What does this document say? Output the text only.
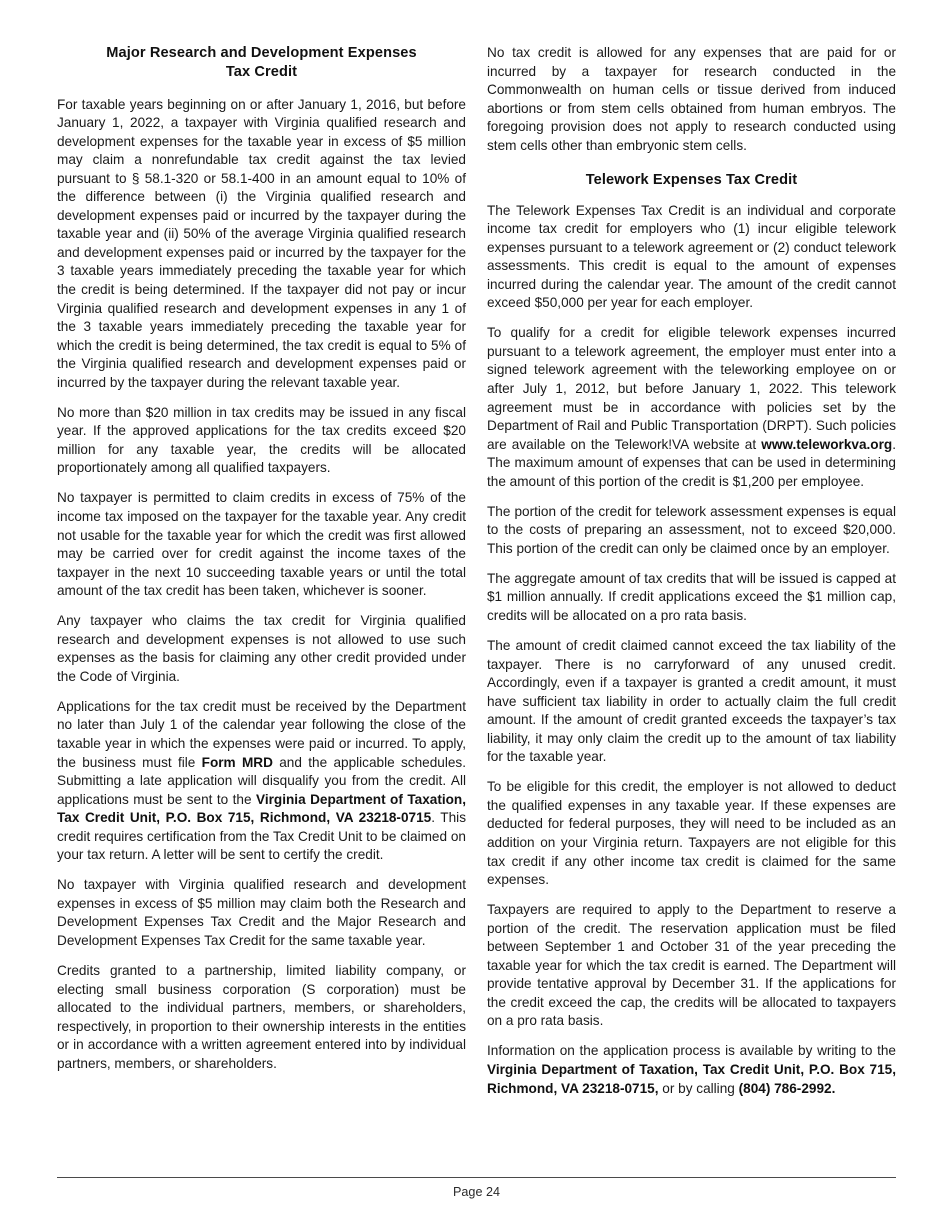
Major Research and Development Expenses
Tax Credit

For taxable years beginning on or after January 1, 2016, but before January 1, 2022, a taxpayer with Virginia qualified research and development expenses for the taxable year in excess of $5 million may claim a nonrefundable tax credit against the tax levied pursuant to § 58.1-320 or 58.1-400 in an amount equal to 10% of the difference between (i) the Virginia qualified research and development expenses paid or incurred by the taxpayer during the taxable year and (ii) 50% of the average Virginia qualified research and development expenses paid or incurred by the taxpayer for the 3 taxable years immediately preceding the taxable year for which the credit is being determined. If the taxpayer did not pay or incur Virginia qualified research and development expenses in any 1 of the 3 taxable years immediately preceding the taxable year for which the credit is being determined, the tax credit is equal to 5% of the Virginia qualified research and development expenses paid or incurred by the taxpayer during the relevant taxable year.

No more than $20 million in tax credits may be issued in any fiscal year. If the approved applications for the tax credits exceed $20 million for any taxable year, the credits will be allocated proportionately among all qualified taxpayers.

No taxpayer is permitted to claim credits in excess of 75% of the income tax imposed on the taxpayer for the taxable year. Any credit not usable for the taxable year for which the credit was first allowed may be carried over for credit against the income taxes of the taxpayer in the next 10 succeeding taxable years or until the total amount of the tax credit has been taken, whichever is sooner.

Any taxpayer who claims the tax credit for Virginia qualified research and development expenses is not allowed to use such expenses as the basis for claiming any other credit provided under the Code of Virginia.

Applications for the tax credit must be received by the Department no later than July 1 of the calendar year following the close of the taxable year in which the expenses were paid or incurred. To apply, the business must file Form MRD and the applicable schedules. Submitting a late application will disqualify you from the credit. All applications must be sent to the Virginia Department of Taxation, Tax Credit Unit, P.O. Box 715, Richmond, VA 23218-0715. This credit requires certification from the Tax Credit Unit to be claimed on your tax return. A letter will be sent to certify the credit.

No taxpayer with Virginia qualified research and development expenses in excess of $5 million may claim both the Research and Development Expenses Tax Credit and the Major Research and Development Expenses Tax Credit for the same taxable year.

Credits granted to a partnership, limited liability company, or electing small business corporation (S corporation) must be allocated to the individual partners, members, or shareholders, respectively, in proportion to their ownership interests in the entities or in accordance with a written agreement entered into by individual partners, members, or shareholders.

No tax credit is allowed for any expenses that are paid for or incurred by a taxpayer for research conducted in the Commonwealth on human cells or tissue derived from induced abortions or from stem cells obtained from human embryos. The foregoing provision does not apply to research conducted using stem cells other than embryonic stem cells.

Telework Expenses Tax Credit

The Telework Expenses Tax Credit is an individual and corporate income tax credit for employers who (1) incur eligible telework expenses pursuant to a telework agreement or (2) conduct telework assessments. This credit is equal to the amount of expenses incurred during the calendar year. The amount of the credit cannot exceed $50,000 per year for each employer.

To qualify for a credit for eligible telework expenses incurred pursuant to a telework agreement, the employer must enter into a signed telework agreement with the teleworking employee on or after July 1, 2012, but before January 1, 2022. This telework agreement must be in accordance with policies set by the Department of Rail and Public Transportation (DRPT). Such policies are available on the Telework!VA website at www.teleworkva.org. The maximum amount of expenses that can be used in determining the amount of this portion of the credit is $1,200 per employee.

The portion of the credit for telework assessment expenses is equal to the costs of preparing an assessment, not to exceed $20,000. This portion of the credit can only be claimed once by an employer.

The aggregate amount of tax credits that will be issued is capped at $1 million annually. If credit applications exceed the $1 million cap, credits will be allocated on a pro rata basis.

The amount of credit claimed cannot exceed the tax liability of the taxpayer. There is no carryforward of any unused credit. Accordingly, even if a taxpayer is granted a credit amount, it must have sufficient tax liability in order to actually claim the full credit amount. If the amount of credit granted exceeds the taxpayer’s tax liability, it may only claim the credit up to the amount of tax liability for the taxable year.

To be eligible for this credit, the employer is not allowed to deduct the qualified expenses in any taxable year. If these expenses are deducted for federal purposes, they will need to be included as an addition on your Virginia return. Taxpayers are not eligible for this tax credit if any other income tax credit is claimed for the same expenses.

Taxpayers are required to apply to the Department to reserve a portion of the credit. The reservation application must be filed between September 1 and October 31 of the year preceding the taxable year for which the tax credit is earned. The Department will provide tentative approval by December 31. If the applications for the credit exceed the cap, the credits will be allocated to taxpayers on a pro rata basis.

Information on the application process is available by writing to the Virginia Department of Taxation, Tax Credit Unit, P.O. Box 715, Richmond, VA 23218-0715, or by calling (804) 786-2992.

Page 24
